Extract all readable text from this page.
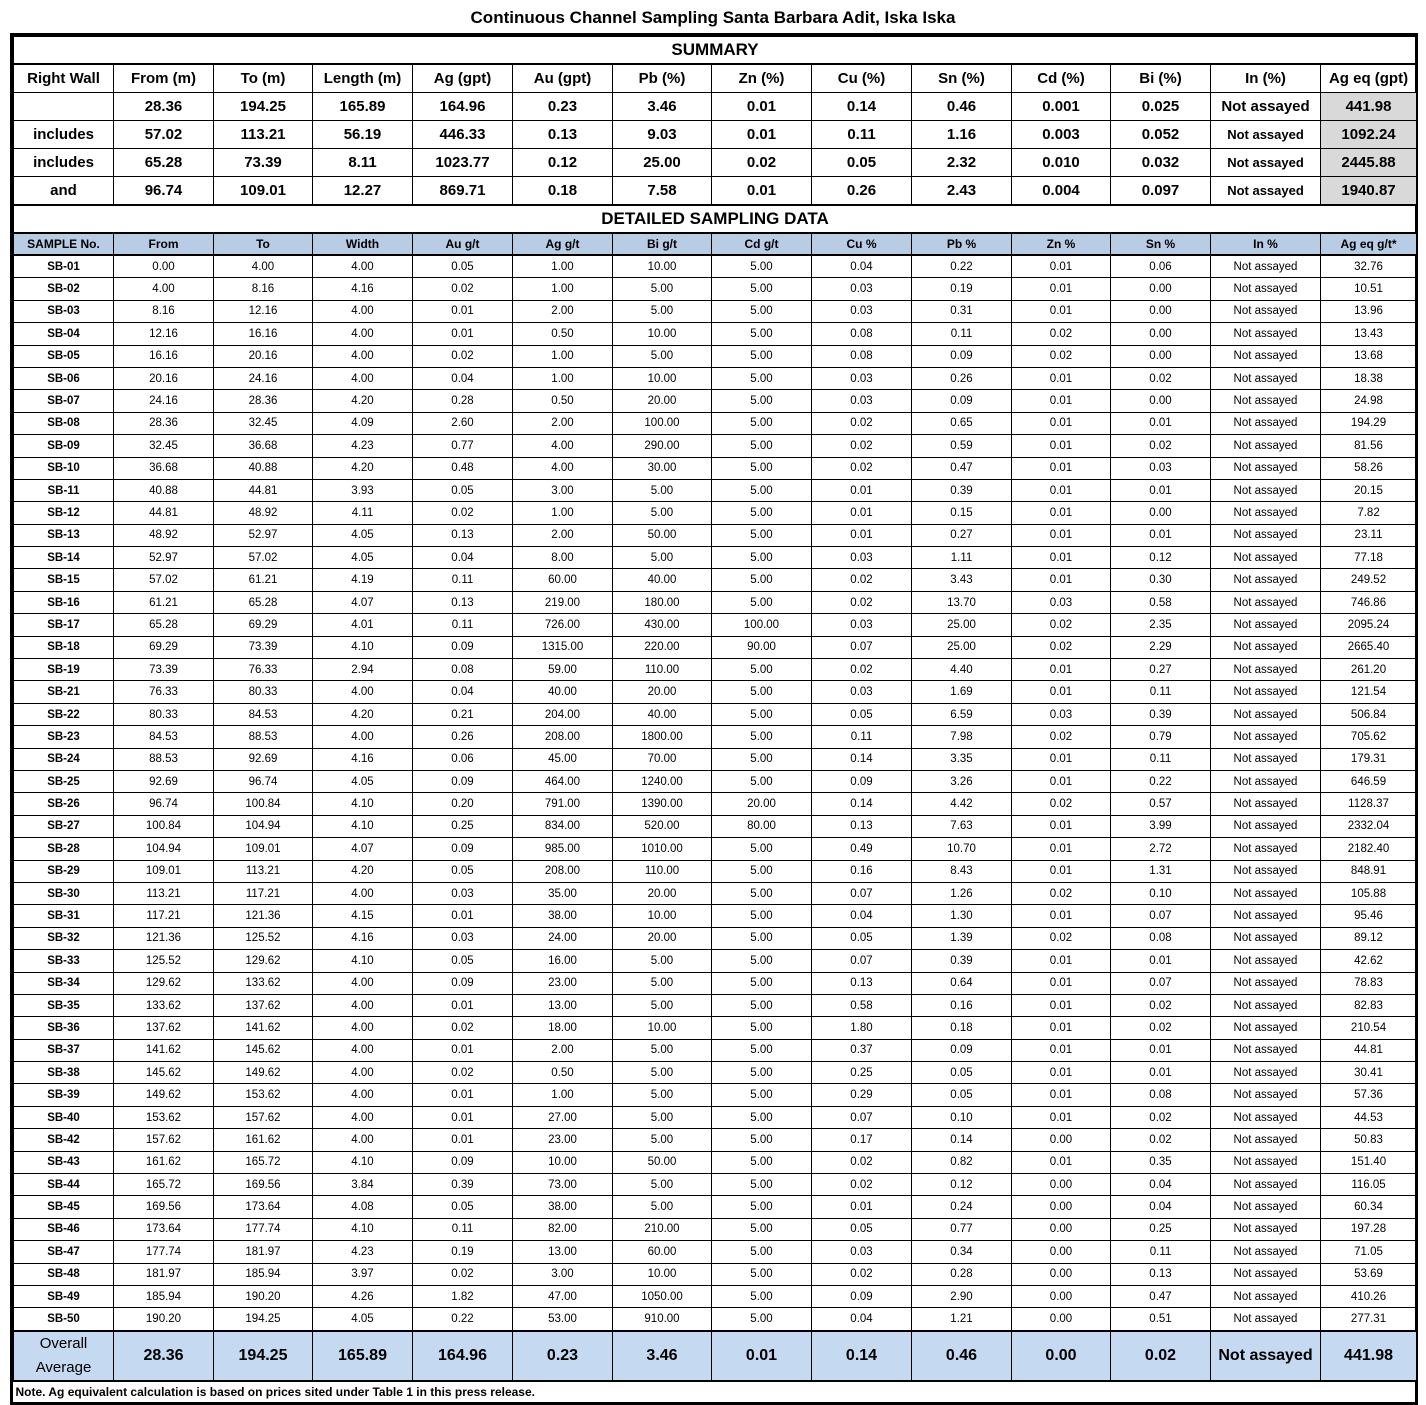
Continuous Channel Sampling Santa Barbara Adit, Iska Iska
SUMMARY													
Right Wall	From (m)	To (m)	Length (m)	Ag (gpt)	Au (gpt)	Pb (%)	Zn (%)	Cu (%)	Sn (%)	Cd (%)	Bi (%)	In (%)	Ag eq (gpt)
	28.36	194.25	165.89	164.96	0.23	3.46	0.01	0.14	0.46	0.001	0.025	Not assayed	441.98
includes	57.02	113.21	56.19	446.33	0.13	9.03	0.01	0.11	1.16	0.003	0.052	Not assayed	1092.24
includes	65.28	73.39	8.11	1023.77	0.12	25.00	0.02	0.05	2.32	0.010	0.032	Not assayed	2445.88
and	96.74	109.01	12.27	869.71	0.18	7.58	0.01	0.26	2.43	0.004	0.097	Not assayed	1940.87
DETAILED SAMPLING DATA													
SAMPLE No.	From	To	Width	Au g/t	Ag g/t	Bi g/t	Cd g/t	Cu %	Pb %	Zn %	Sn %	In %	Ag eq g/t*
SB-01	0.00	4.00	4.00	0.05	1.00	10.00	5.00	0.04	0.22	0.01	0.06	Not assayed	32.76
SB-02	4.00	8.16	4.16	0.02	1.00	5.00	5.00	0.03	0.19	0.01	0.00	Not assayed	10.51
SB-03	8.16	12.16	4.00	0.01	2.00	5.00	5.00	0.03	0.31	0.01	0.00	Not assayed	13.96
SB-04	12.16	16.16	4.00	0.01	0.50	10.00	5.00	0.08	0.11	0.02	0.00	Not assayed	13.43
SB-05	16.16	20.16	4.00	0.02	1.00	5.00	5.00	0.08	0.09	0.02	0.00	Not assayed	13.68
SB-06	20.16	24.16	4.00	0.04	1.00	10.00	5.00	0.03	0.26	0.01	0.02	Not assayed	18.38
SB-07	24.16	28.36	4.20	0.28	0.50	20.00	5.00	0.03	0.09	0.01	0.00	Not assayed	24.98
SB-08	28.36	32.45	4.09	2.60	2.00	100.00	5.00	0.02	0.65	0.01	0.01	Not assayed	194.29
SB-09	32.45	36.68	4.23	0.77	4.00	290.00	5.00	0.02	0.59	0.01	0.02	Not assayed	81.56
SB-10	36.68	40.88	4.20	0.48	4.00	30.00	5.00	0.02	0.47	0.01	0.03	Not assayed	58.26
SB-11	40.88	44.81	3.93	0.05	3.00	5.00	5.00	0.01	0.39	0.01	0.01	Not assayed	20.15
SB-12	44.81	48.92	4.11	0.02	1.00	5.00	5.00	0.01	0.15	0.01	0.00	Not assayed	7.82
SB-13	48.92	52.97	4.05	0.13	2.00	50.00	5.00	0.01	0.27	0.01	0.01	Not assayed	23.11
SB-14	52.97	57.02	4.05	0.04	8.00	5.00	5.00	0.03	1.11	0.01	0.12	Not assayed	77.18
SB-15	57.02	61.21	4.19	0.11	60.00	40.00	5.00	0.02	3.43	0.01	0.30	Not assayed	249.52
SB-16	61.21	65.28	4.07	0.13	219.00	180.00	5.00	0.02	13.70	0.03	0.58	Not assayed	746.86
SB-17	65.28	69.29	4.01	0.11	726.00	430.00	100.00	0.03	25.00	0.02	2.35	Not assayed	2095.24
SB-18	69.29	73.39	4.10	0.09	1315.00	220.00	90.00	0.07	25.00	0.02	2.29	Not assayed	2665.40
SB-19	73.39	76.33	2.94	0.08	59.00	110.00	5.00	0.02	4.40	0.01	0.27	Not assayed	261.20
SB-21	76.33	80.33	4.00	0.04	40.00	20.00	5.00	0.03	1.69	0.01	0.11	Not assayed	121.54
SB-22	80.33	84.53	4.20	0.21	204.00	40.00	5.00	0.05	6.59	0.03	0.39	Not assayed	506.84
SB-23	84.53	88.53	4.00	0.26	208.00	1800.00	5.00	0.11	7.98	0.02	0.79	Not assayed	705.62
SB-24	88.53	92.69	4.16	0.06	45.00	70.00	5.00	0.14	3.35	0.01	0.11	Not assayed	179.31
SB-25	92.69	96.74	4.05	0.09	464.00	1240.00	5.00	0.09	3.26	0.01	0.22	Not assayed	646.59
SB-26	96.74	100.84	4.10	0.20	791.00	1390.00	20.00	0.14	4.42	0.02	0.57	Not assayed	1128.37
SB-27	100.84	104.94	4.10	0.25	834.00	520.00	80.00	0.13	7.63	0.01	3.99	Not assayed	2332.04
SB-28	104.94	109.01	4.07	0.09	985.00	1010.00	5.00	0.49	10.70	0.01	2.72	Not assayed	2182.40
SB-29	109.01	113.21	4.20	0.05	208.00	110.00	5.00	0.16	8.43	0.01	1.31	Not assayed	848.91
SB-30	113.21	117.21	4.00	0.03	35.00	20.00	5.00	0.07	1.26	0.02	0.10	Not assayed	105.88
SB-31	117.21	121.36	4.15	0.01	38.00	10.00	5.00	0.04	1.30	0.01	0.07	Not assayed	95.46
SB-32	121.36	125.52	4.16	0.03	24.00	20.00	5.00	0.05	1.39	0.02	0.08	Not assayed	89.12
SB-33	125.52	129.62	4.10	0.05	16.00	5.00	5.00	0.07	0.39	0.01	0.01	Not assayed	42.62
SB-34	129.62	133.62	4.00	0.09	23.00	5.00	5.00	0.13	0.64	0.01	0.07	Not assayed	78.83
SB-35	133.62	137.62	4.00	0.01	13.00	5.00	5.00	0.58	0.16	0.01	0.02	Not assayed	82.83
SB-36	137.62	141.62	4.00	0.02	18.00	10.00	5.00	1.80	0.18	0.01	0.02	Not assayed	210.54
SB-37	141.62	145.62	4.00	0.01	2.00	5.00	5.00	0.37	0.09	0.01	0.01	Not assayed	44.81
SB-38	145.62	149.62	4.00	0.02	0.50	5.00	5.00	0.25	0.05	0.01	0.01	Not assayed	30.41
SB-39	149.62	153.62	4.00	0.01	1.00	5.00	5.00	0.29	0.05	0.01	0.08	Not assayed	57.36
SB-40	153.62	157.62	4.00	0.01	27.00	5.00	5.00	0.07	0.10	0.01	0.02	Not assayed	44.53
SB-42	157.62	161.62	4.00	0.01	23.00	5.00	5.00	0.17	0.14	0.00	0.02	Not assayed	50.83
SB-43	161.62	165.72	4.10	0.09	10.00	50.00	5.00	0.02	0.82	0.01	0.35	Not assayed	151.40
SB-44	165.72	169.56	3.84	0.39	73.00	5.00	5.00	0.02	0.12	0.00	0.04	Not assayed	116.05
SB-45	169.56	173.64	4.08	0.05	38.00	5.00	5.00	0.01	0.24	0.00	0.04	Not assayed	60.34
SB-46	173.64	177.74	4.10	0.11	82.00	210.00	5.00	0.05	0.77	0.00	0.25	Not assayed	197.28
SB-47	177.74	181.97	4.23	0.19	13.00	60.00	5.00	0.03	0.34	0.00	0.11	Not assayed	71.05
SB-48	181.97	185.94	3.97	0.02	3.00	10.00	5.00	0.02	0.28	0.00	0.13	Not assayed	53.69
SB-49	185.94	190.20	4.26	1.82	47.00	1050.00	5.00	0.09	2.90	0.00	0.47	Not assayed	410.26
SB-50	190.20	194.25	4.05	0.22	53.00	910.00	5.00	0.04	1.21	0.00	0.51	Not assayed	277.31
Overall Average	28.36	194.25	165.89	164.96	0.23	3.46	0.01	0.14	0.46	0.00	0.02	Not assayed	441.98
Note. Ag equivalent calculation is based on prices sited under Table 1 in this press release.													
